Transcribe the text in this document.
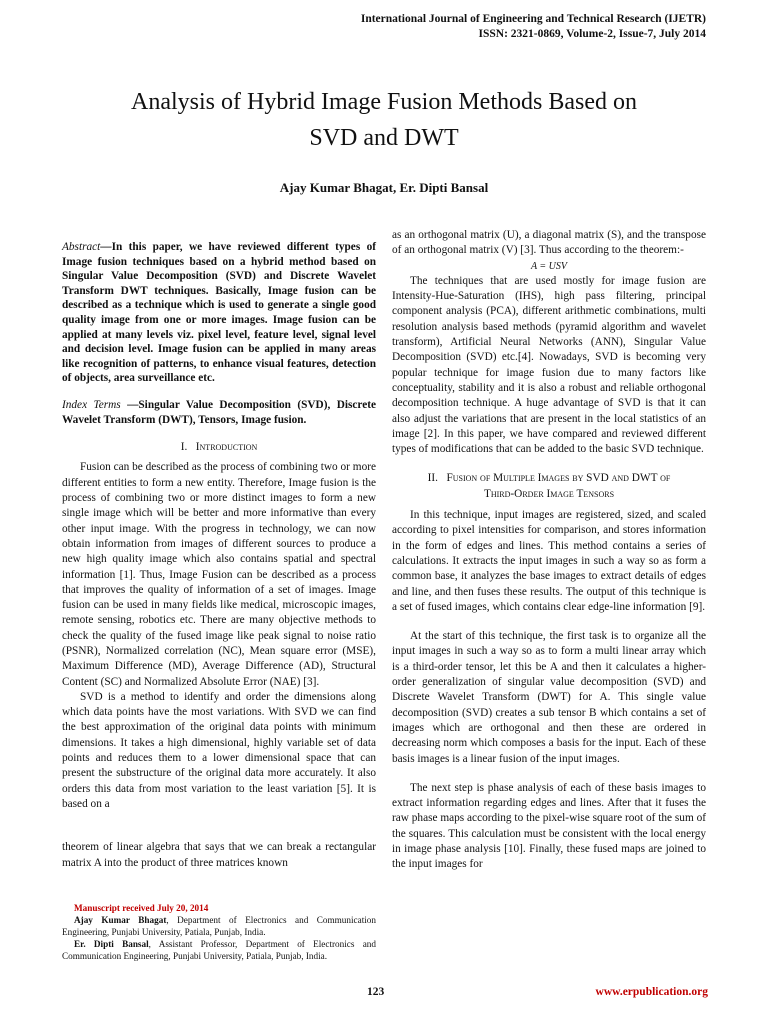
International Journal of Engineering and Technical Research (IJETR)
ISSN: 2321-0869, Volume-2, Issue-7, July 2014
Analysis of Hybrid Image Fusion Methods Based on
SVD and DWT
Ajay Kumar Bhagat, Er. Dipti Bansal

Abstract—In this paper, we have reviewed different types of Image fusion techniques based on a hybrid method based on Singular Value Decomposition (SVD) and Discrete Wavelet Transform DWT techniques. Basically, Image fusion can be described as a technique which is used to generate a single good quality image from one or more images. Image fusion can be applied at many levels viz. pixel level, feature level, signal level and decision level. Image fusion can be applied in many areas like recognition of patterns, to enhance visual features, detection of objects, area surveillance etc.

Index Terms —Singular Value Decomposition (SVD), Discrete Wavelet Transform (DWT), Tensors, Image fusion.

I. Introduction

Fusion can be described as the process of combining two or more different entities to form a new entity. Therefore, Image fusion is the process of combining two or more distinct images to form a new single image which will be better and more informative than every other input image. With the progress in technology, we can now obtain information from images of different sources to produce a new high quality image which also contains spatial and spectral information [1]. Thus, Image Fusion can be described as a process that improves the quality of information of a set of images. Image fusion can be used in many fields like medical, microscopic images, remote sensing, robotics etc. There are many objective methods to check the quality of the fused image like peak signal to noise ratio (PSNR), Normalized correlation (NC), Mean square error (MSE), Maximum Difference (MD), Average Difference (AD), Structural Content (SC) and Normalized Absolute Error (NAE) [3].

SVD is a method to identify and order the dimensions along which data points have the most variations. With SVD we can find the best approximation of the original data points with minimum dimensions. It takes a high dimensional, highly variable set of data points and reduces them to a lower dimensional space that can present the substructure of the original data more accurately. It also orders this data from most variation to the least variation [5]. It is based on a

theorem of linear algebra that says that we can break a rectangular matrix A into the product of three matrices known

as an orthogonal matrix (U), a diagonal matrix (S), and the transpose of an orthogonal matrix (V) [3]. Thus according to the theorem:-

A = USV

The techniques that are used mostly for image fusion are Intensity-Hue-Saturation (IHS), high pass filtering, principal component analysis (PCA), different arithmetic combinations, multi resolution analysis based methods (pyramid algorithm and wavelet transform), Artificial Neural Networks (ANN), Singular Value Decomposition (SVD) etc.[4]. Nowadays, SVD is becoming very popular technique for image fusion due to many factors like conceptuality, stability and it is also a robust and reliable orthogonal decomposition technique. A huge advantage of SVD is that it can also adjust the variations that are present in the local statistics of an image [2]. In this paper, we have compared and reviewed different types of modifications that can be added to the basic SVD technique.

II. Fusion of Multiple Images by SVD and DWT of
Third-Order Image Tensors

In this technique, input images are registered, sized, and scaled according to pixel intensities for comparison, and stores information in the form of edges and lines. This method contains a series of calculations. It extracts the input images in such a way so as form a common base, it analyzes the base images to extract details of edges and line, and then fuses these results. The output of this technique is a set of fused images, which contains clear edge-line information [9].

At the start of this technique, the first task is to organize all the input images in such a way so as to form a multi linear array which is a third-order tensor, let this be A and then it calculates a higher-order generalization of singular value decomposition (SVD) and Discrete Wavelet Transform (DWT) for A. This single value decomposition (SVD) creates a sub tensor B which contains a set of images which are orthogonal and then these are ordered in decreasing norm which composes a basis for the input. Each of these basis images is a linear fusion of the input images.

The next step is phase analysis of each of these basis images to extract information regarding edges and lines. After that it fuses the raw phase maps according to the pixel-wise square root of the sum of the squares. This calculation must be consistent with the local energy in image phase analysis [10]. Finally, these fused maps are joined to the input images for

Manuscript received July 20, 2014

Ajay Kumar Bhagat, Department of Electronics and Communication Engineering, Punjabi University, Patiala, Punjab, India.

Er. Dipti Bansal, Assistant Professor, Department of Electronics and Communication Engineering, Punjabi University, Patiala, Punjab, India.

123	www.erpublication.org
